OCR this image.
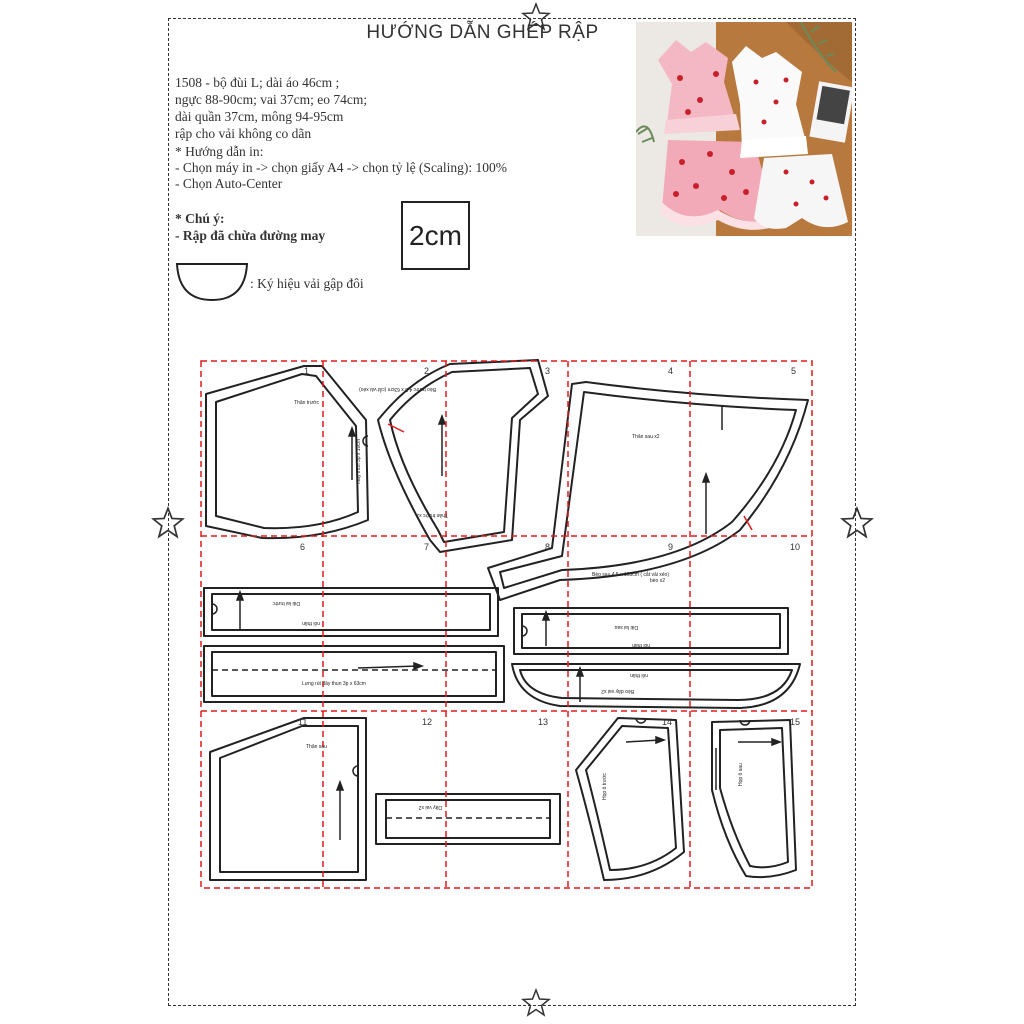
HƯỚNG DẪN GHÉP RẬP
1508 - bộ đùi L; dài áo 46cm ;
ngực 88-90cm; vai 37cm; eo 74cm;
dài quần 37cm, mông 94-95cm
rập cho vải không co dãn
* Hướng dẫn in:
- Chọn máy in -> chọn giấy A4 -> chọn tỷ lệ (Scaling): 100%
- Chọn Auto-Center
* Chú ý:
- Rập đã chừa đường may	2cm
: Ký hiệu vải gập đôi
Thân trước
may thun 3p x 10cm
Bèo trước 4,5 x 63cm (cắt vải xéo)
Thân trước x2
Thân sau x2
Bèo sau 4,5 x 103cm ( cắt vải xéo)
bèo x2
Dải lai trước
nối thân
Lưng rút dây thun 3p x 63cm
Dải lai sau
nối thân
nối thân
Bèo dây vai x2
Thân sau
Dây vai x2
Họp ô trước	Họp ô sau
1	2	3	4	5
6	7	8	9	10
11	12	13	14	15
